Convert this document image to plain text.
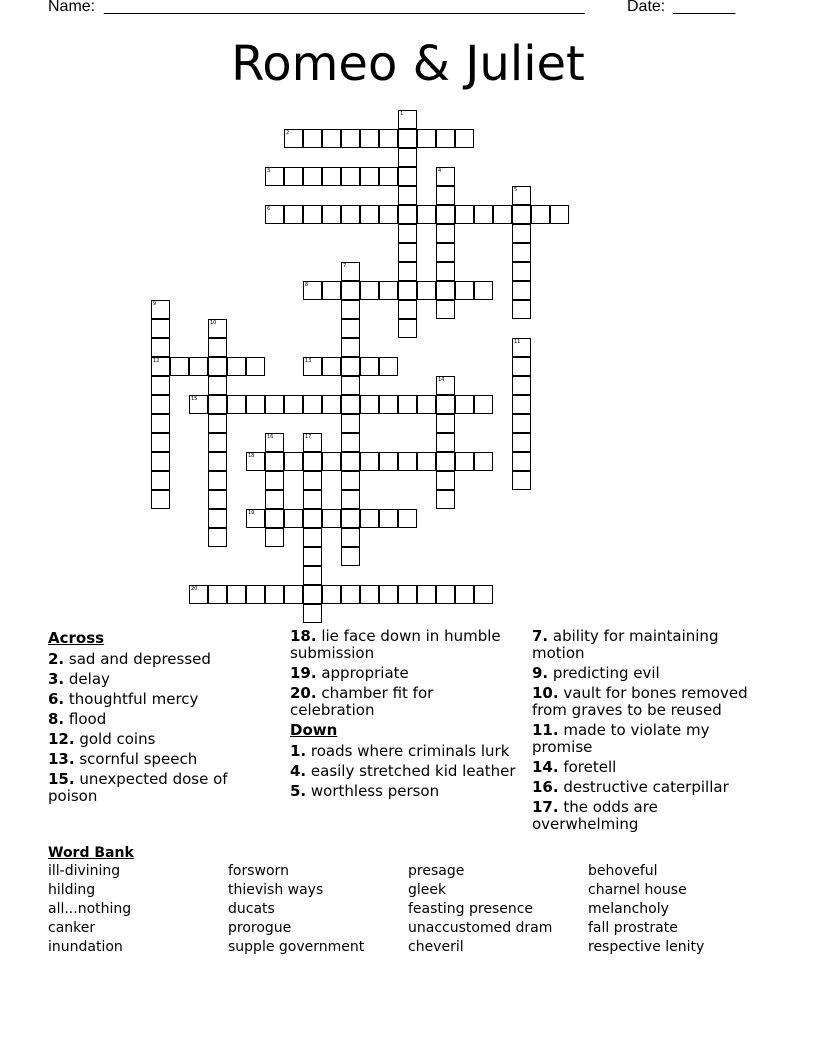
Name: ______________________________________________________	Date: _______
Romeo & Juliet
1
2
3	4
5
6
7
8
9
12
10
11
13
14
15
16	17
18
19
20
Across
2. sad and depressed
3. delay
6. thoughtful mercy
8. flood
12. gold coins
13. scornful speech
15. unexpected dose of poison
18. lie face down in humble submission
19. appropriate
20. chamber fit for celebration
Down
1. roads where criminals lurk
4. easily stretched kid leather
5. worthless person
7. ability for maintaining motion
9. predicting evil
10. vault for bones removed from graves to be reused
11. made to violate my promise
14. foretell
16. destructive caterpillar
17. the odds are overwhelming
Word Bank
ill-divining
hilding
all...nothing
canker
inundation
forsworn
thievish ways
ducats
prorogue
supple government
presage
gleek
feasting presence
unaccustomed dram
cheveril
behoveful
charnel house
melancholy
fall prostrate
respective lenity
